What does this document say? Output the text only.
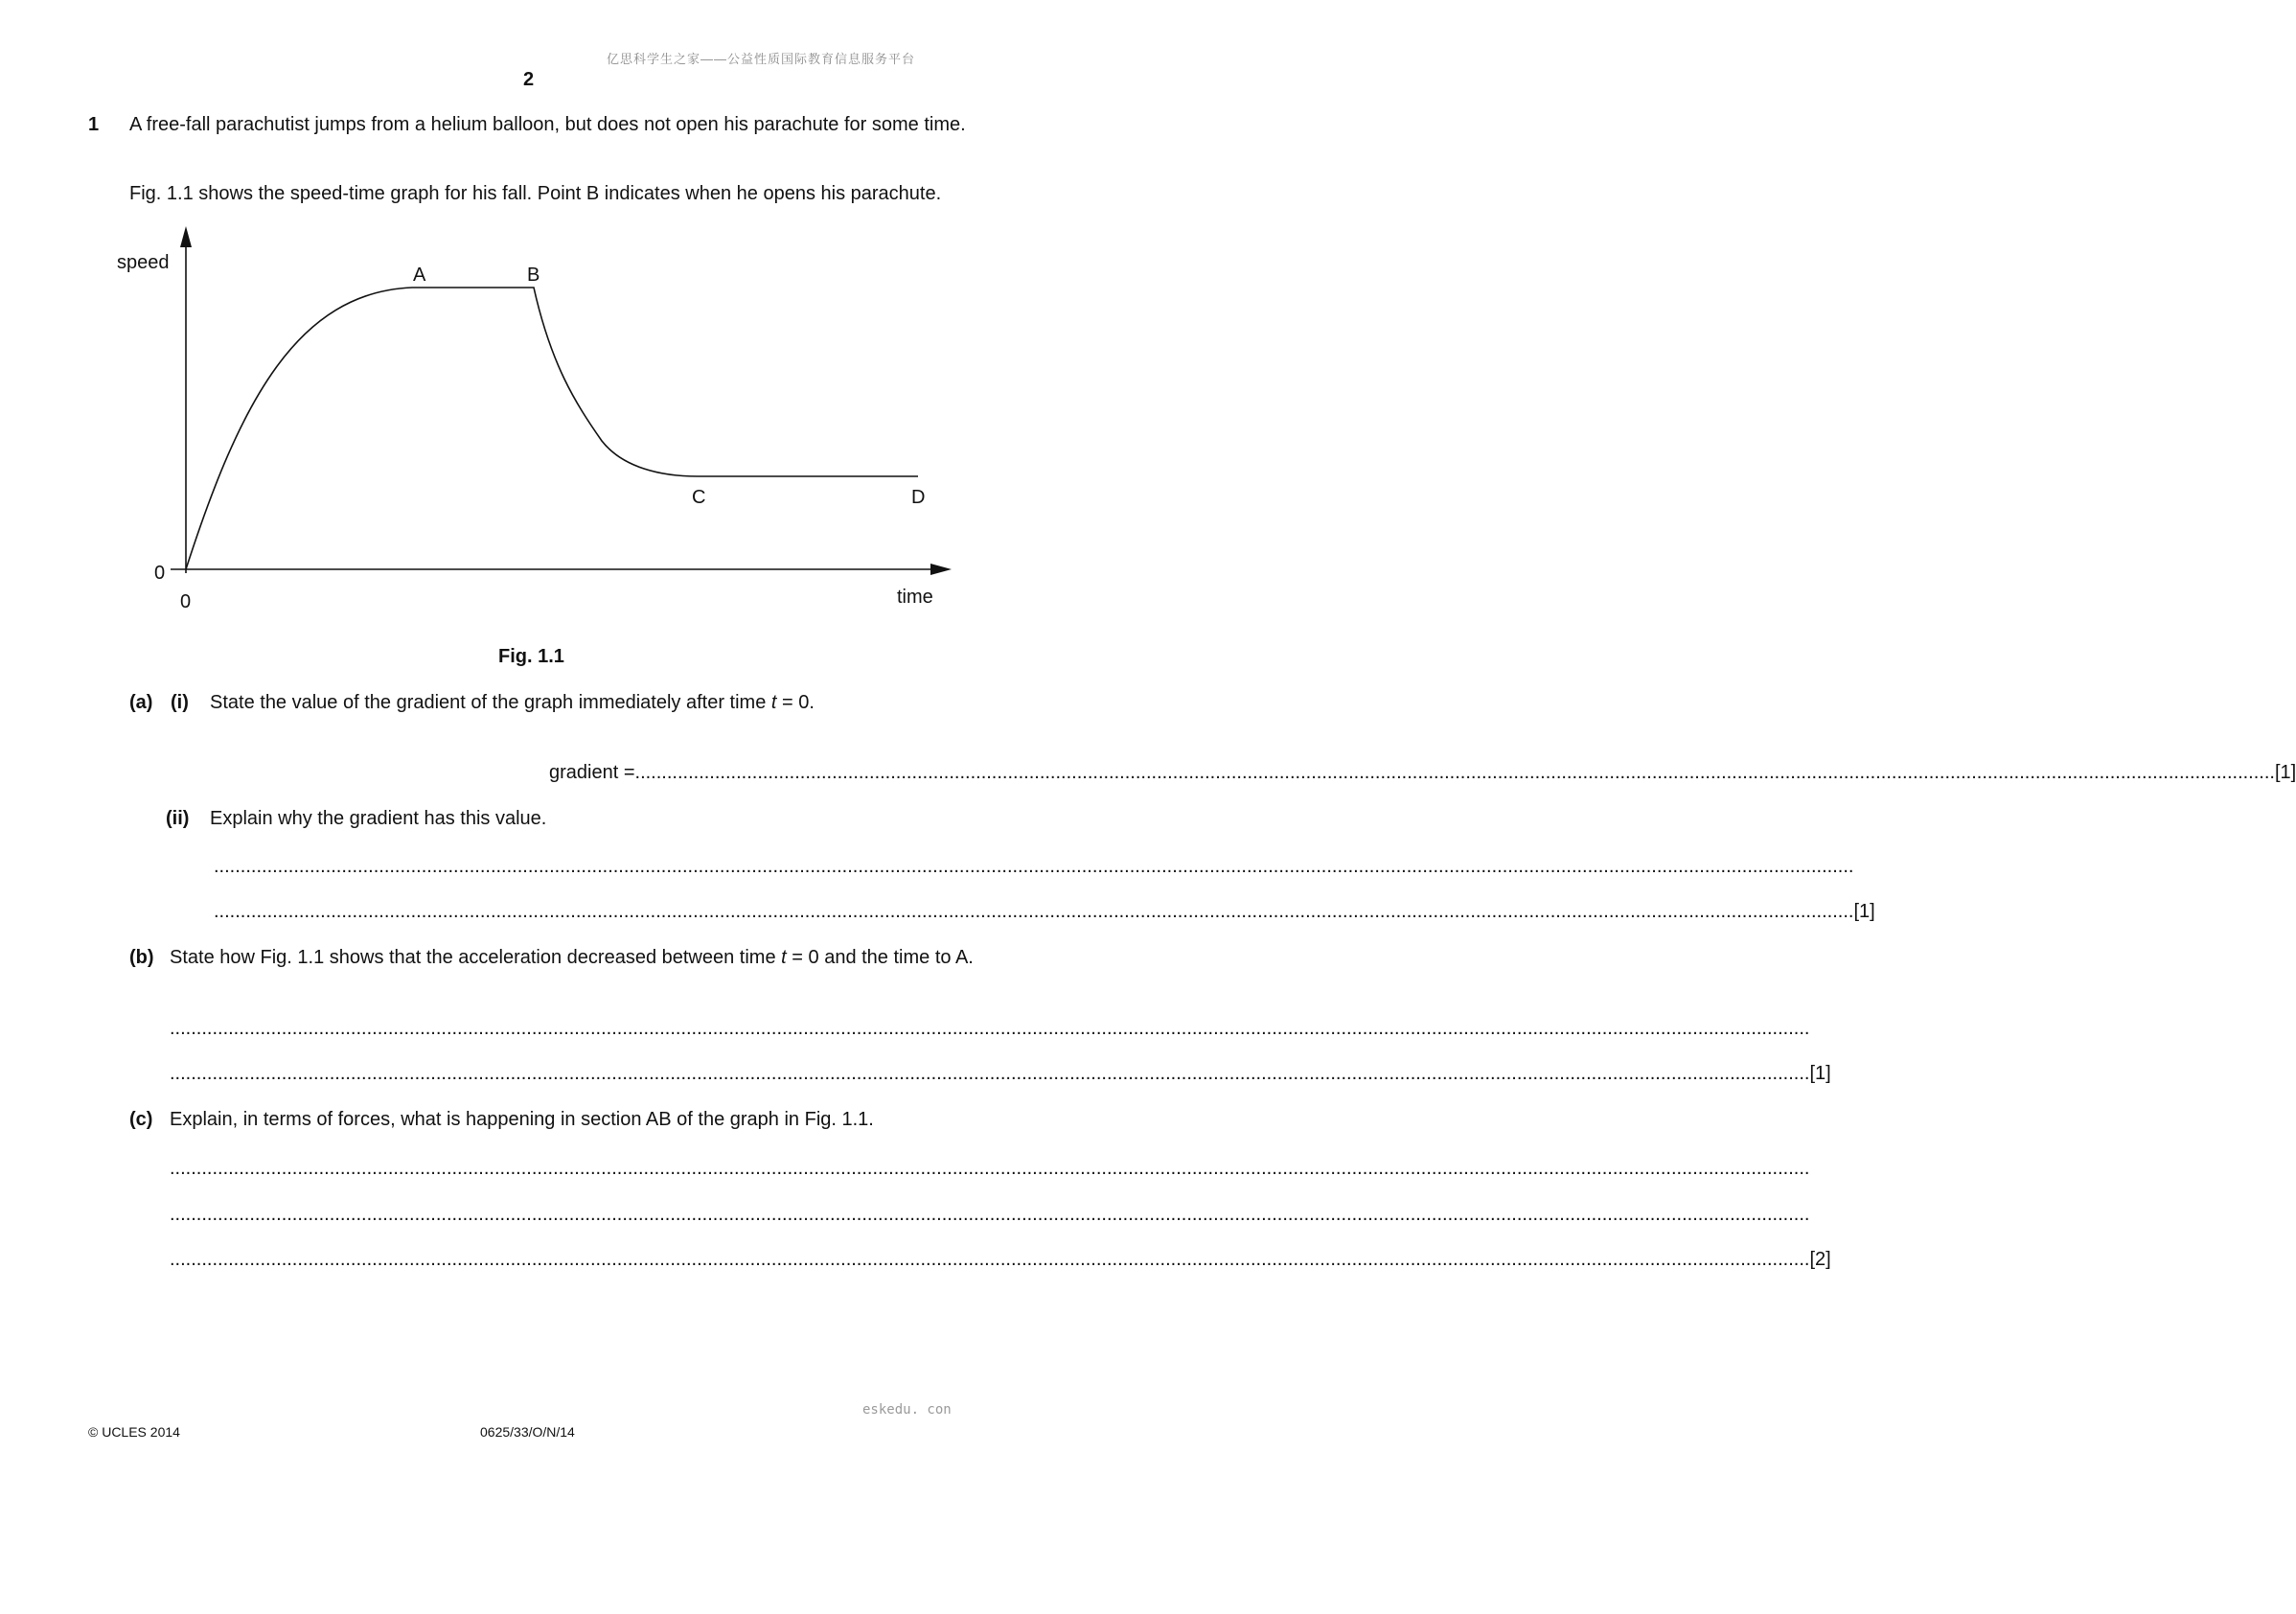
亿思科学生之家——公益性质国际教育信息服务平台
2
1 A free-fall parachutist jumps from a helium balloon, but does not open his parachute for some time.
Fig. 1.1 shows the speed-time graph for his fall. Point B indicates when he opens his parachute.
speed
time
0
0
A	B
C	D
Fig. 1.1
(a) (i) State the value of the gradient of the graph immediately after time t = 0.
gradient = .................................................................................................................................................................................................................................................................................................................... [1]
(ii) Explain why the gradient has this value.
....................................................................................................................................................................................................................................................................................................................
.................................................................................................................................................................................................................................................................................................................... [1]
(b) State how Fig. 1.1 shows that the acceleration decreased between time t = 0 and the time to A.
....................................................................................................................................................................................................................................................................................................................
.................................................................................................................................................................................................................................................................................................................... [1]
(c) Explain, in terms of forces, what is happening in section AB of the graph in Fig. 1.1.
....................................................................................................................................................................................................................................................................................................................
....................................................................................................................................................................................................................................................................................................................
.................................................................................................................................................................................................................................................................................................................... [2]
eskedu. con
© UCLES 2014	0625/33/O/N/14
